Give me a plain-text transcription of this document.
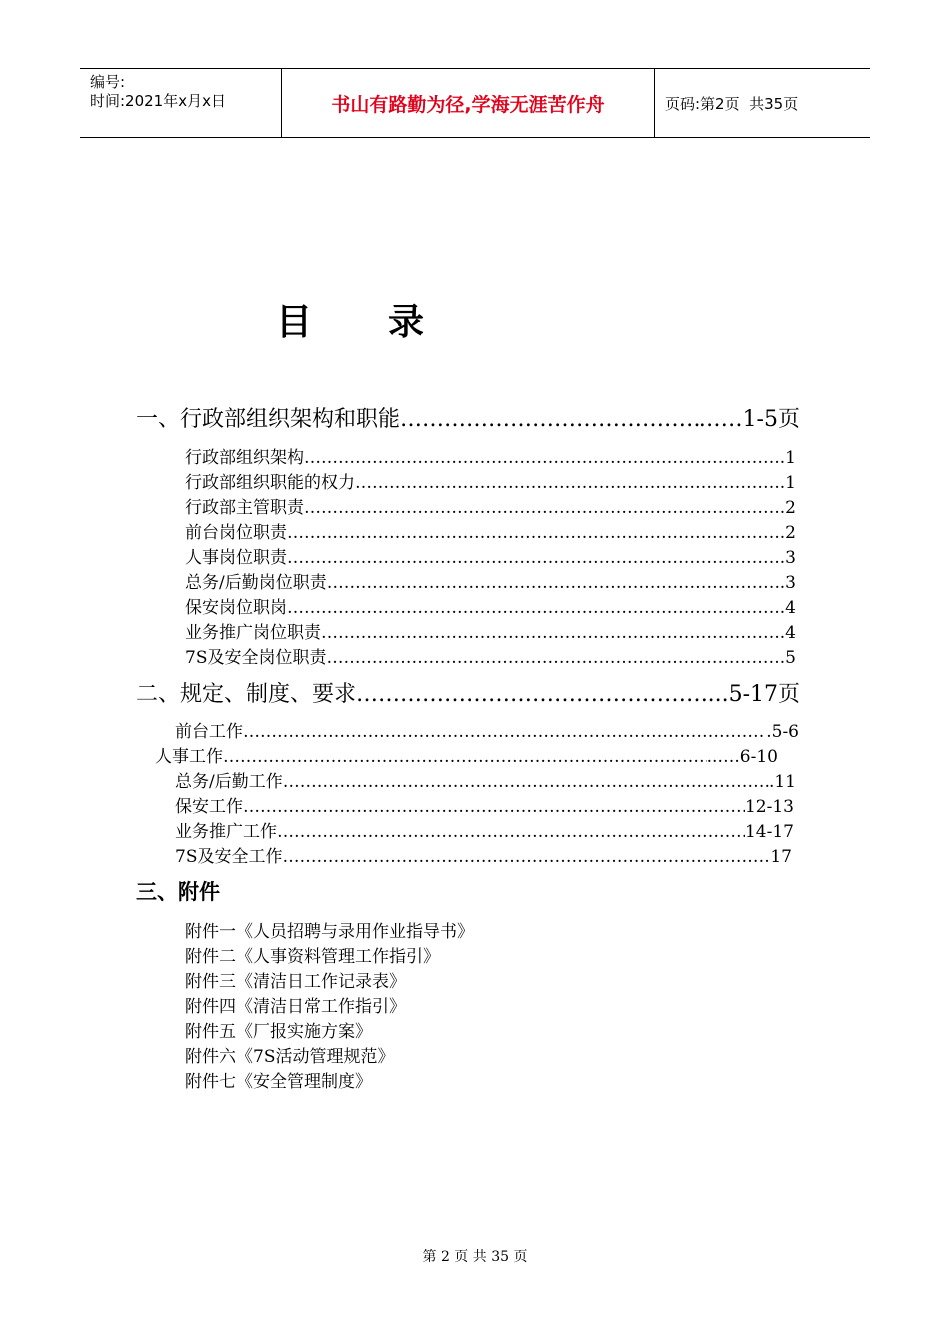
编号:
时间:2021年x月x日	书山有路勤为径,学海无涯苦作舟	页码:第2页  共35页
目 录
一、行政部组织架构和职能 ………………………………………………………………………………………………………………………………………………………	……1-5页
行政部组织架构 ………………………………………………………………………………………………………………………………………………………	..1
行政部组织职能的权力 ………………………………………………………………………………………………………………………………………………………	..1
行政部主管职责 ………………………………………………………………………………………………………………………………………………………	..2
前台岗位职责 ………………………………………………………………………………………………………………………………………………………	..2
人事岗位职责 ………………………………………………………………………………………………………………………………………………………	..3
总务/后勤岗位职责 ………………………………………………………………………………………………………………………………………………………	.3
保安岗位职岗 ………………………………………………………………………………………………………………………………………………………	..4
业务推广岗位职责 ………………………………………………………………………………………………………………………………………………………	..4
7S及安全岗位职责 ………………………………………………………………………………………………………………………………………………………	.5
二、规定、制度、要求 ………………………………………………………………………………………………………………………………………………………	...5-17页
前台工作 ………………………………………………………………………………………………………………………………………………………	.5-6
人事工作 ………………………………………………………………………………………………………………………………………………………	..….6-10
总务/后勤工作 ………………………………………………………………………………………………………………………………………………………	.11
保安工作 ………………………………………………………………………………………………………………………………………………………	12-13
业务推广工作 ………………………………………………………………………………………………………………………………………………………	14-17
7S及安全工作 ………………………………………………………………………………………………………………………………………………………	17
三、附件
附件一《人员招聘与录用作业指导书》
附件二《人事资料管理工作指引》
附件三《清洁日工作记录表》
附件四《清洁日常工作指引》
附件五《厂报实施方案》
附件六《7S活动管理规范》
附件七《安全管理制度》
第 2 页 共 35 页
